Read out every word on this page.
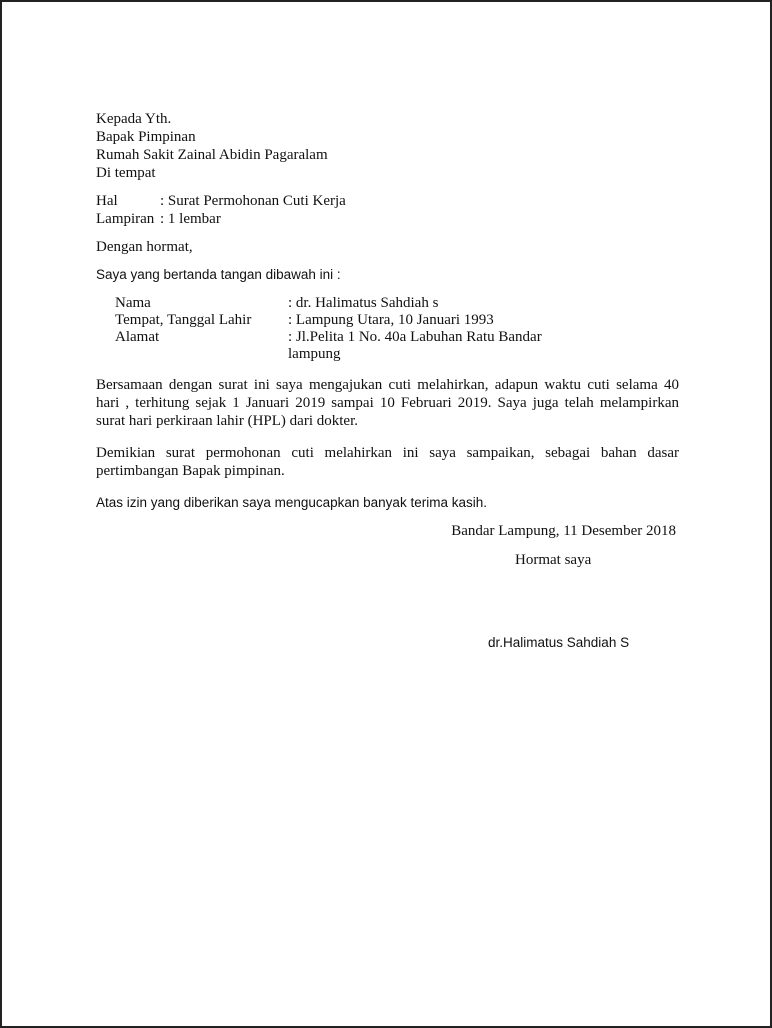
Kepada Yth.
Bapak Pimpinan
Rumah Sakit Zainal Abidin Pagaralam
Di tempat
Hal	: Surat Permohonan Cuti Kerja
Lampiran : 1 lembar
Dengan hormat,
Saya yang bertanda tangan dibawah ini :
Nama	: dr. Halimatus Sahdiah s
Tempat, Tanggal Lahir : Lampung Utara, 10 Januari 1993
Alamat	: Jl.Pelita 1 No. 40a Labuhan Ratu Bandar
lampung
Bersamaan dengan surat ini saya mengajukan cuti melahirkan, adapun waktu cuti selama 40
hari , terhitung sejak 1 Januari 2019 sampai 10 Februari 2019. Saya juga telah melampirkan
surat hari perkiraan lahir (HPL) dari dokter.
Demikian surat permohonan cuti melahirkan ini saya sampaikan, sebagai bahan dasar
pertimbangan Bapak pimpinan.
Atas izin yang diberikan saya mengucapkan banyak terima kasih.
Bandar Lampung, 11 Desember 2018
Hormat saya
dr.Halimatus Sahdiah S
